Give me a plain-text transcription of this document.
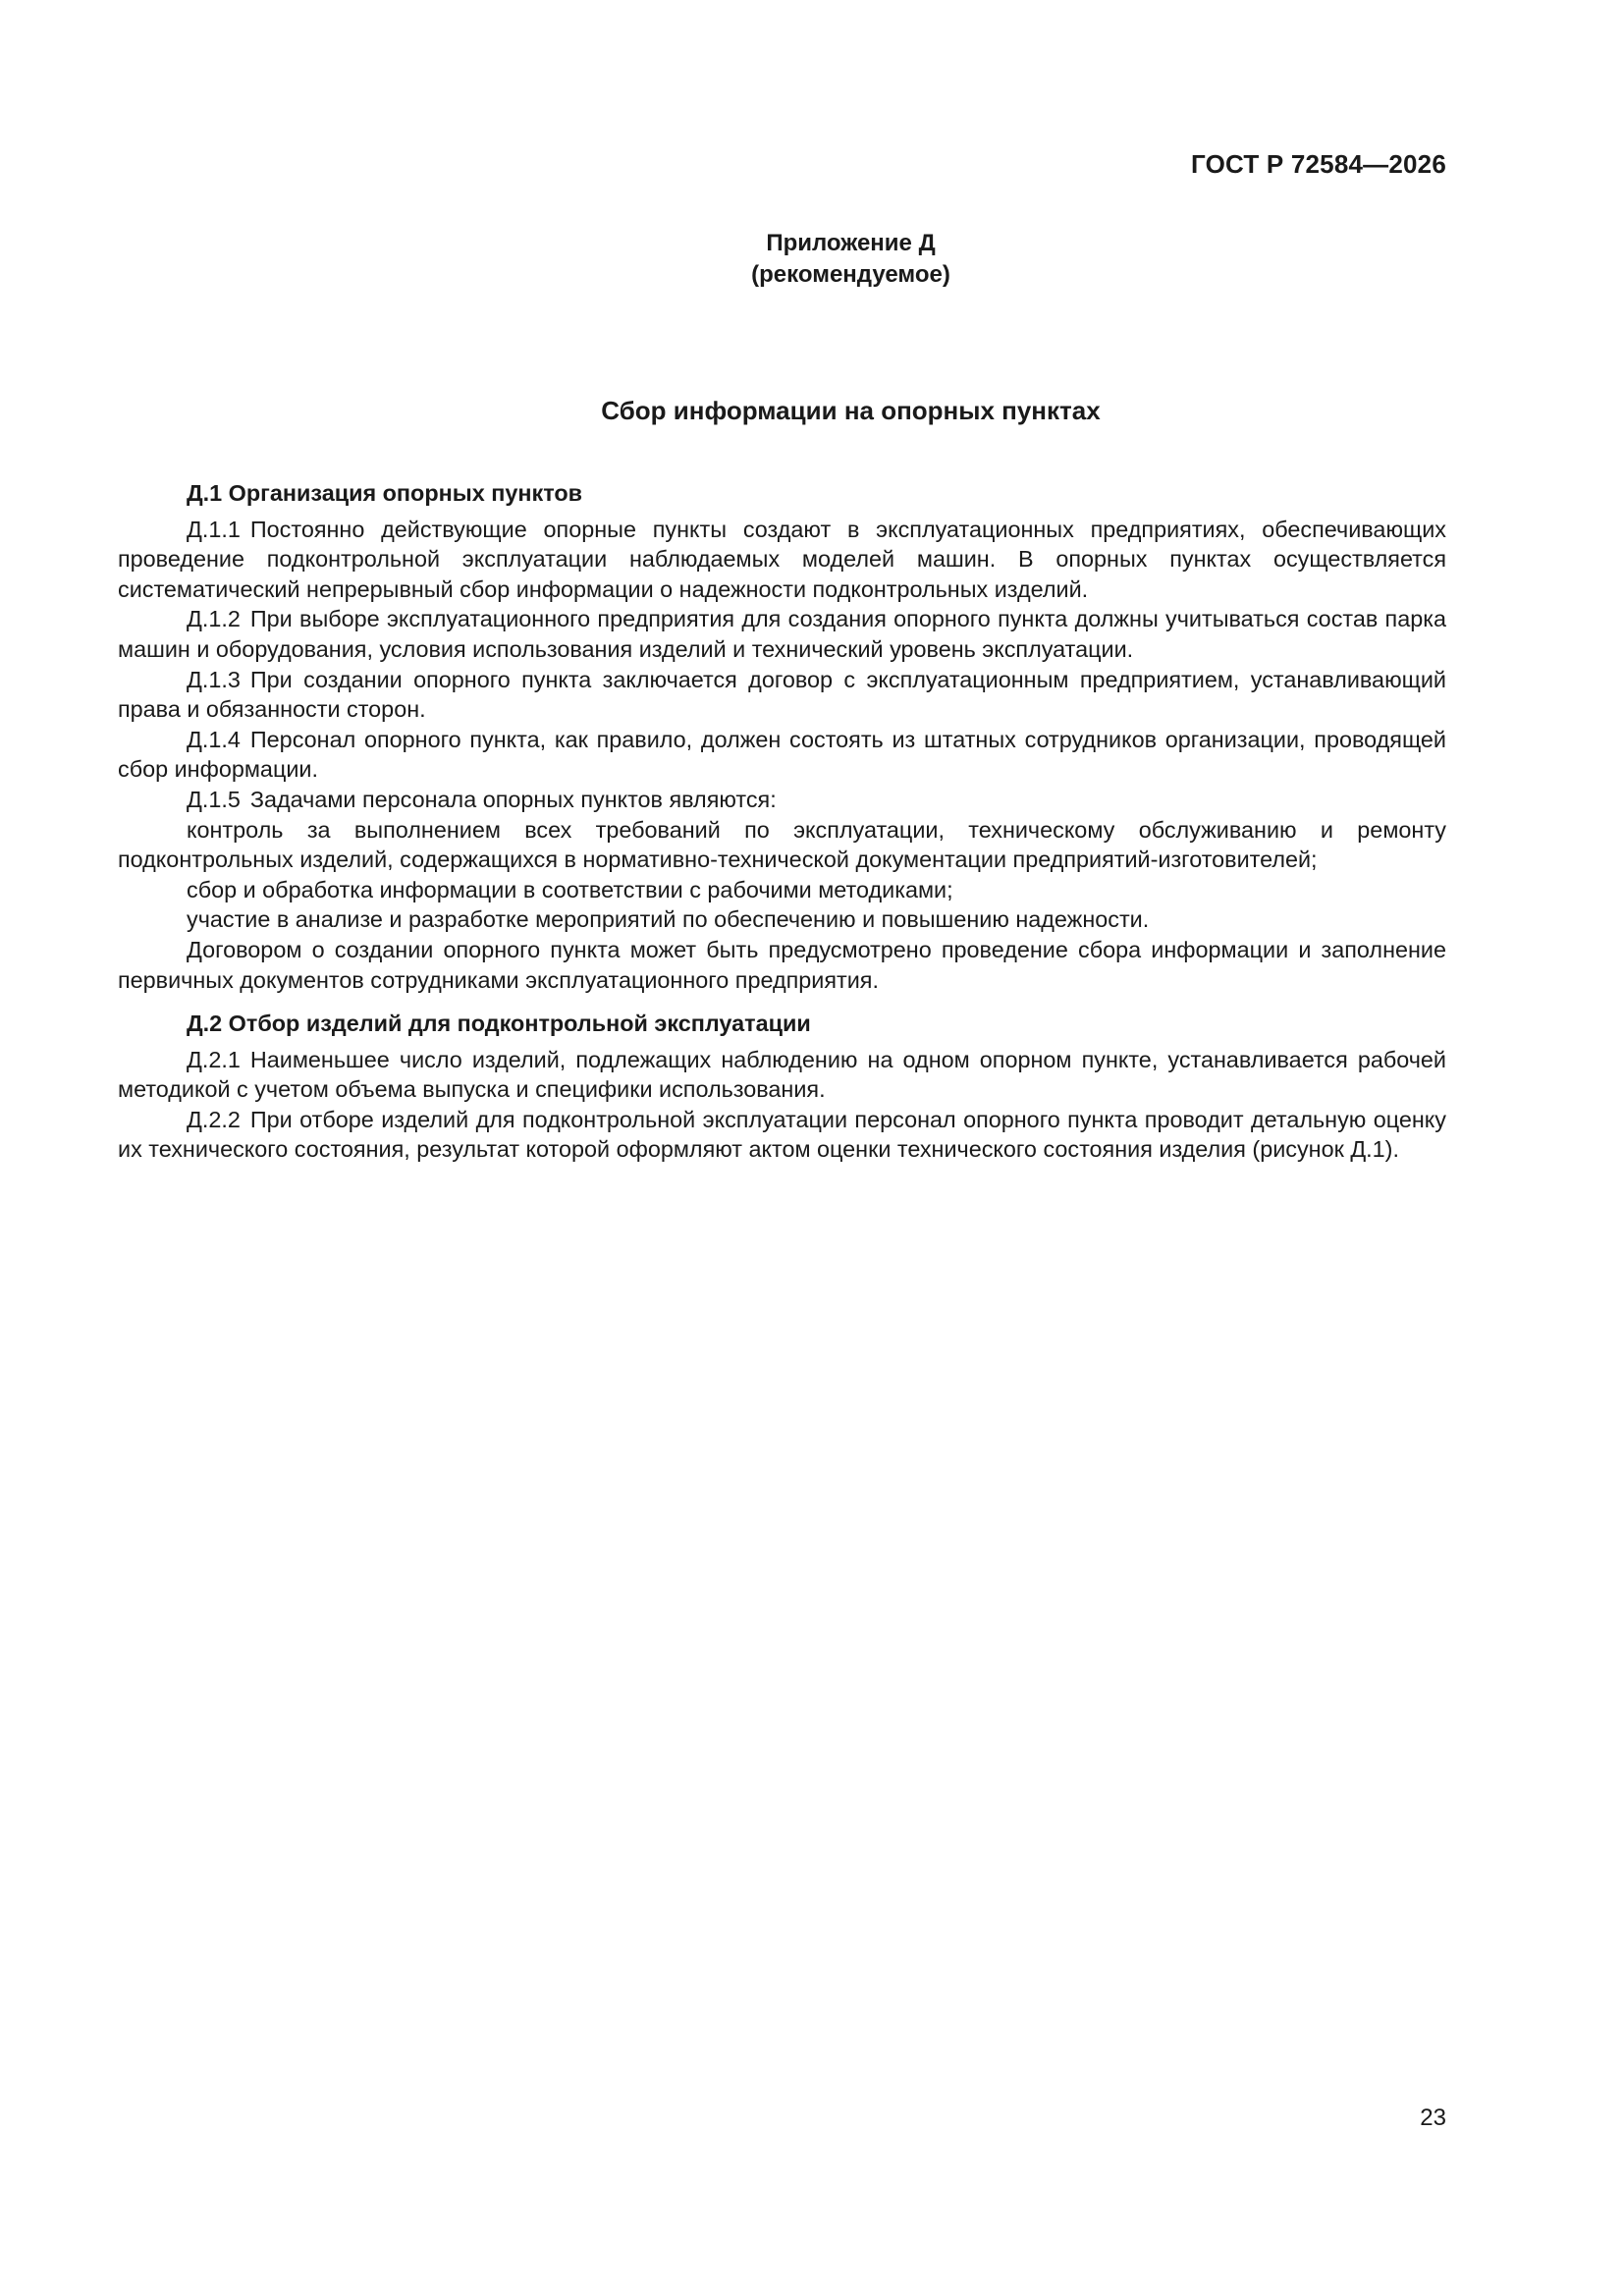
ГОСТ Р 72584—2026
Приложение Д
(рекомендуемое)
Сбор информации на опорных пунктах
Д.1 Организация опорных пунктов

Д.1.1 Постоянно действующие опорные пункты создают в эксплуатационных предприятиях, обеспечивающих проведение подконтрольной эксплуатации наблюдаемых моделей машин. В опорных пунктах осуществляется систематический непрерывный сбор информации о надежности подконтрольных изделий.

Д.1.2 При выборе эксплуатационного предприятия для создания опорного пункта должны учитываться состав парка машин и оборудования, условия использования изделий и технический уровень эксплуатации.

Д.1.3 При создании опорного пункта заключается договор с эксплуатационным предприятием, устанавливающий права и обязанности сторон.

Д.1.4 Персонал опорного пункта, как правило, должен состоять из штатных сотрудников организации, проводящей сбор информации.

Д.1.5 Задачами персонала опорных пунктов являются:

контроль за выполнением всех требований по эксплуатации, техническому обслуживанию и ремонту подконтрольных изделий, содержащихся в нормативно-технической документации предприятий-изготовителей;

сбор и обработка информации в соответствии с рабочими методиками;

участие в анализе и разработке мероприятий по обеспечению и повышению надежности.

Договором о создании опорного пункта может быть предусмотрено проведение сбора информации и заполнение первичных документов сотрудниками эксплуатационного предприятия.

Д.2 Отбор изделий для подконтрольной эксплуатации

Д.2.1 Наименьшее число изделий, подлежащих наблюдению на одном опорном пункте, устанавливается рабочей методикой с учетом объема выпуска и специфики использования.

Д.2.2 При отборе изделий для подконтрольной эксплуатации персонал опорного пункта проводит детальную оценку их технического состояния, результат которой оформляют актом оценки технического состояния изделия (рисунок Д.1).

23
